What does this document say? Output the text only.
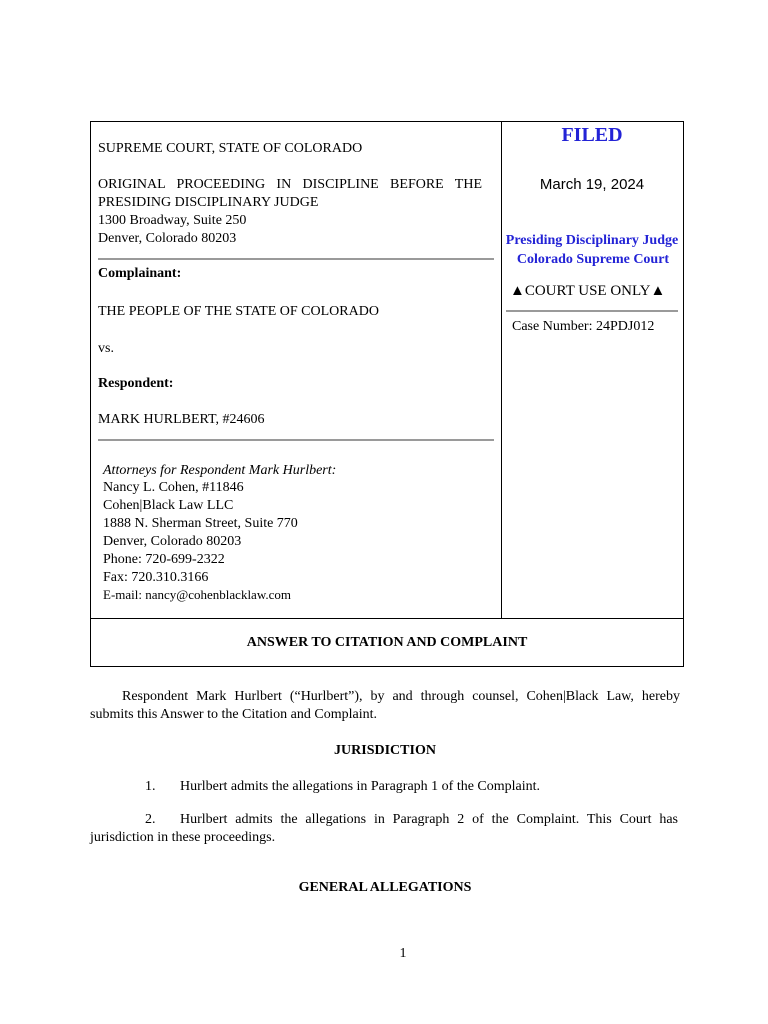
SUPREME COURT, STATE OF COLORADO
ORIGINAL PROCEEDING IN DISCIPLINE BEFORE THE
PRESIDING DISCIPLINARY JUDGE
1300 Broadway, Suite 250
Denver, Colorado 80203
Complainant:
THE PEOPLE OF THE STATE OF COLORADO
vs.
Respondent:
MARK HURLBERT, #24606
Attorneys for Respondent Mark Hurlbert:
Nancy L. Cohen, #11846
Cohen|Black Law LLC
1888 N. Sherman Street, Suite 770
Denver, Colorado 80203
Phone: 720-699-2322
Fax: 720.310.3166
E-mail: nancy@cohenblacklaw.com
FILED
March 19, 2024
Presiding Disciplinary Judge
Colorado Supreme Court
▲COURT USE ONLY▲
Case Number: 24PDJ012
ANSWER TO CITATION AND COMPLAINT
Respondent Mark Hurlbert (“Hurlbert”), by and through counsel, Cohen|Black Law, hereby
submits this Answer to the Citation and Complaint.
JURISDICTION
1. Hurlbert admits the allegations in Paragraph 1 of the Complaint.
2. Hurlbert admits the allegations in Paragraph 2 of the Complaint. This Court has
jurisdiction in these proceedings.
GENERAL ALLEGATIONS
1
